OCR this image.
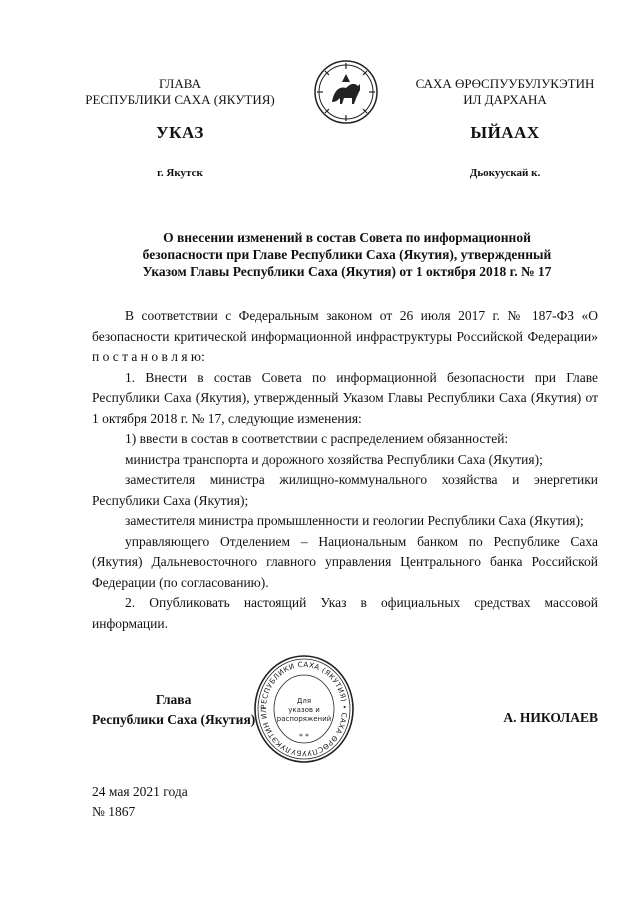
ГЛАВА
РЕСПУБЛИКИ САХА (ЯКУТИЯ)
САХА ӨРӨСПУУБУЛУКЭТИН
ИЛ ДАРХАНА
УКАЗ	ЫЙААХ
г. Якутск	Дьокуускай к.
О внесении изменений в состав Совета по информационной
безопасности при Главе Республики Саха (Якутия), утвержденный
Указом Главы Республики Саха (Якутия) от 1 октября 2018 г. № 17

В соответствии с Федеральным законом от 26 июля 2017 г. № 187-ФЗ «О безопасности критической информационной инфраструктуры Российской Федерации» п о с т а н о в л я ю:

1. Внести в состав Совета по информационной безопасности при Главе Республики Саха (Якутия), утвержденный Указом Главы Республики Саха (Якутия) от 1 октября 2018 г. № 17, следующие изменения:

1) ввести в состав в соответствии с распределением обязанностей:

министра транспорта и дорожного хозяйства Республики Саха (Якутия);

заместителя министра жилищно-коммунального хозяйства и энергетики Республики Саха (Якутия);

заместителя министра промышленности и геологии Республики Саха (Якутия);

управляющего Отделением – Национальным банком по Республике Саха (Якутия) Дальневосточного главного управления Центрального банка Российской Федерации (по согласованию).

2. Опубликовать настоящий Указ в официальных средствах массовой информации.

РЕСПУБЛИКИ САХА (ЯКУТИЯ) • САХА ӨРӨСПУУБУЛУКЭТИН ИЛ
Для
указов и
распоряжений
* *
Глава
Республики Саха (Якутия)	А. НИКОЛАЕВ
24 мая 2021 года
№ 1867
